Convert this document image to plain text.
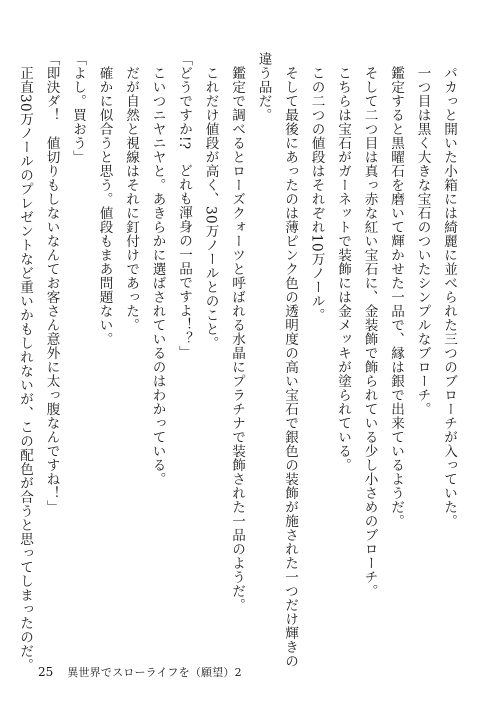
パカっと開いた小箱には綺麗に並べられた三つのブローチが入っていた。
一つ目は黒く大きな宝石のついたシンプルなブローチ。
鑑定すると黒曜石を磨いて輝かせた一品で、縁は銀で出来ているようだ。
そして二つ目は真っ赤な紅い宝石に、金装飾で飾られている少し小さめのブローチ。
こちらは宝石がガーネットで装飾には金メッキが塗られている。
この二つの値段はそれぞれ10万ノール。
そして最後にあったのは薄ピンク色の透明度の高い宝石で銀色の装飾が施された一つだけ輝きの
違う品だ。
鑑定で調べるとローズクォーツと呼ばれる水晶にプラチナで装飾された一品のようだ。
これだけ値段が高く、30万ノールとのこと。
「どうですか!?　どれも渾身の一品ですよ！？」
こいつニヤニヤと。あきらかに選ばされているのはわかっている。
だが自然と視線はそれに釘付けであった。
確かに似合うと思う。値段もまあ問題ない。
「よし。買おう」
「即決ダ！　値切りもしないなんてお客さん意外に太っ腹なんですね！」
正直30万ノールのプレゼントなど重いかもしれないが、この配色が合うと思ってしまったのだ。
25 異世界でスローライフを（願望）2
